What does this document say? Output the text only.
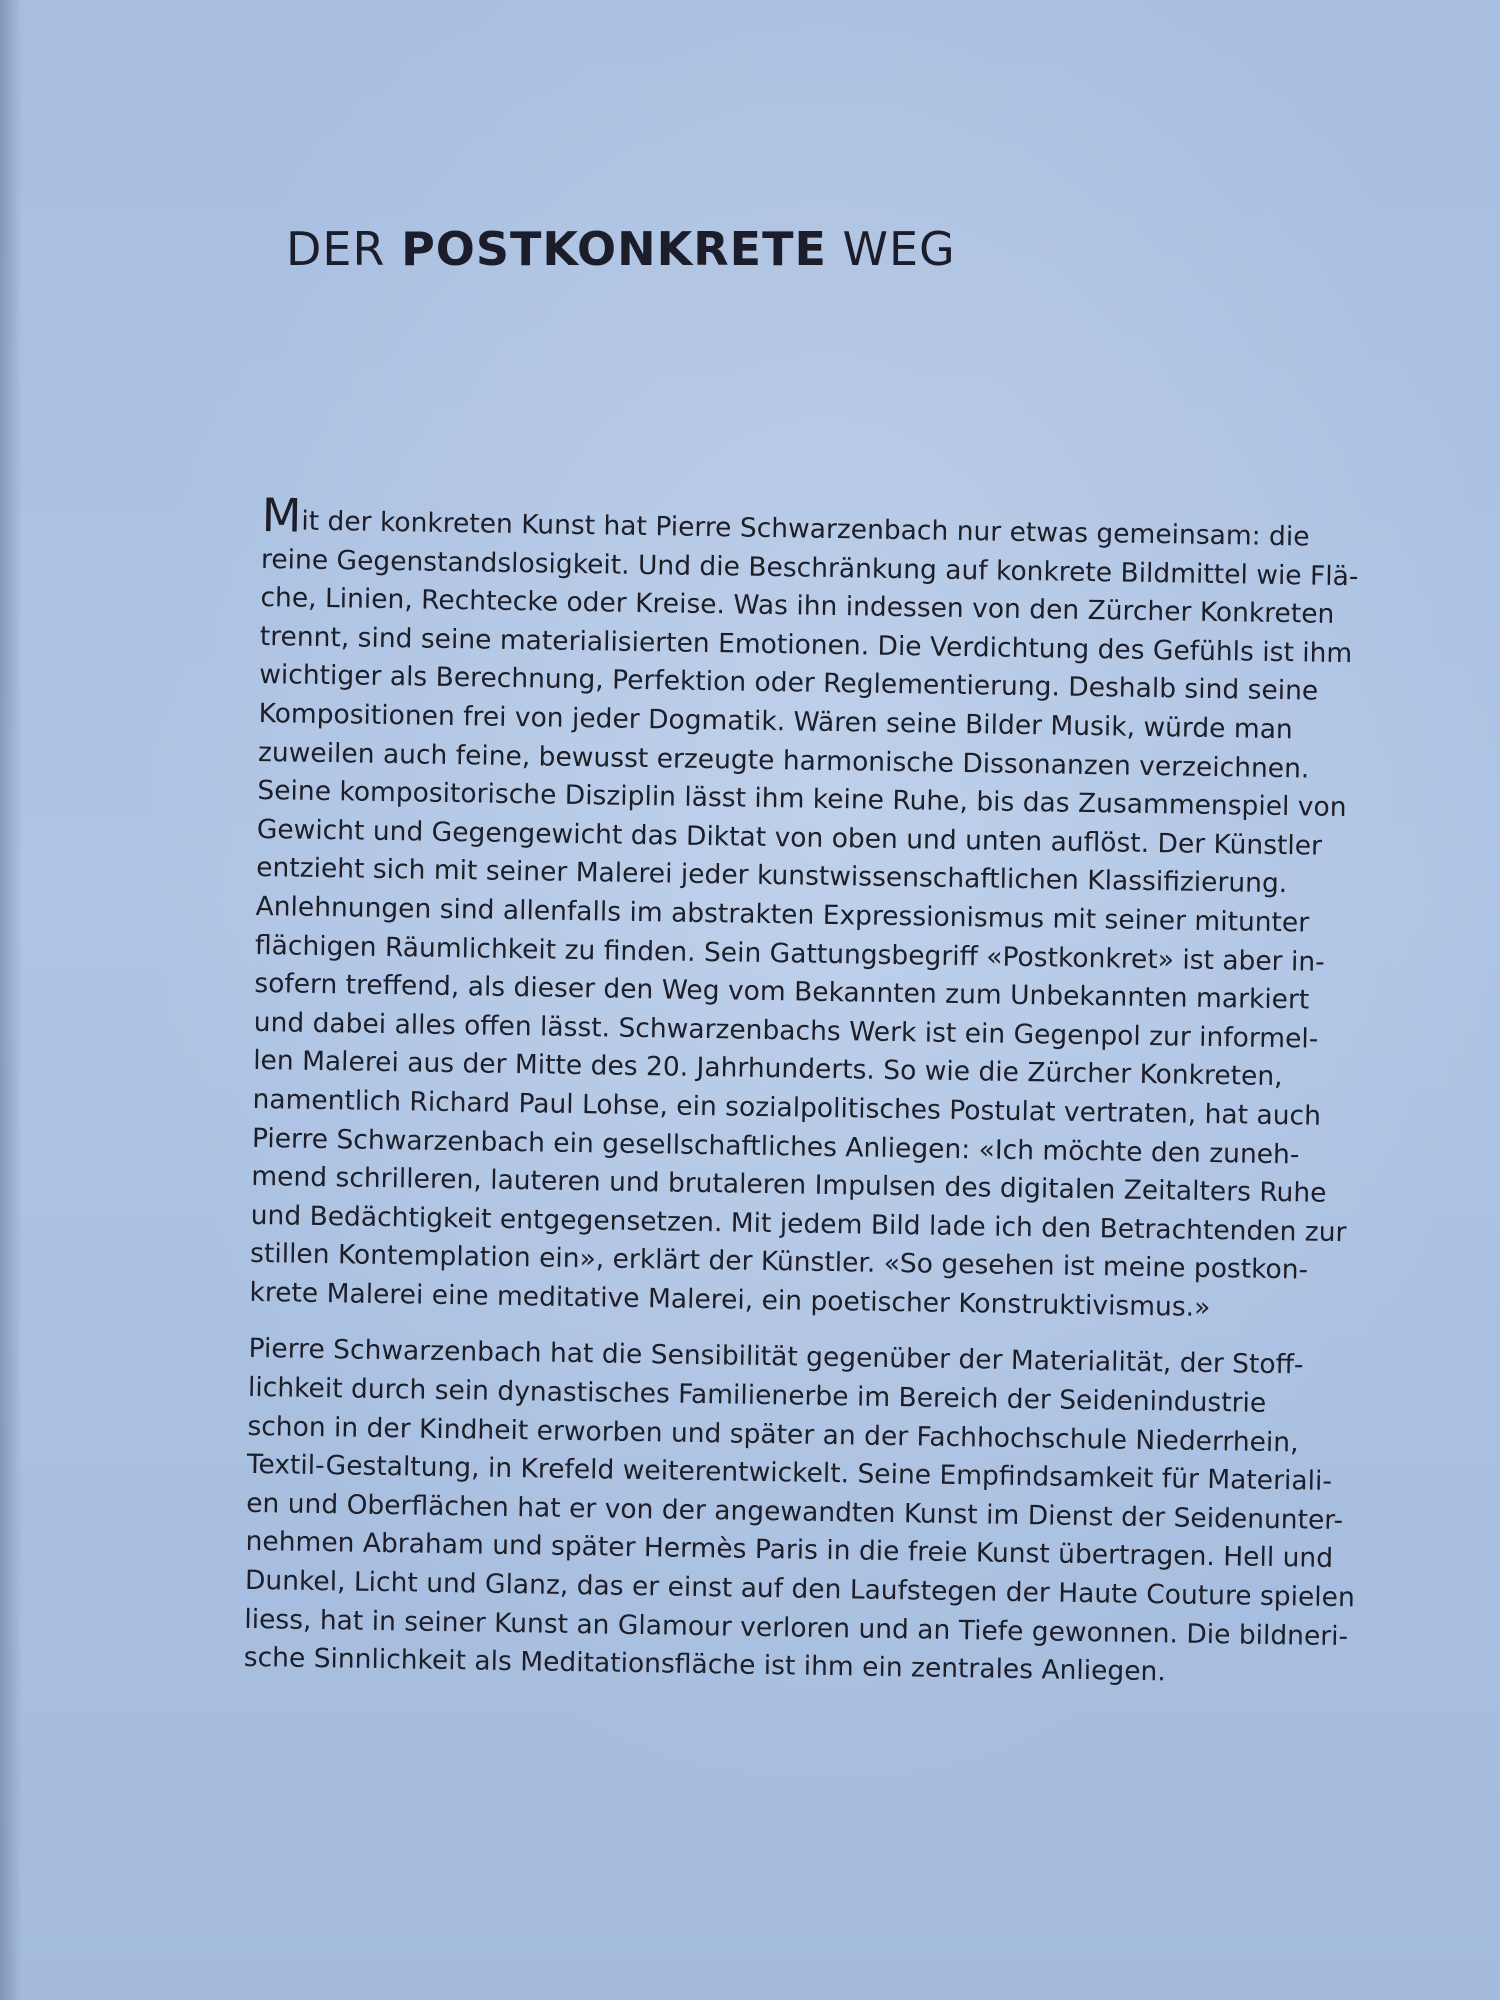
DER POSTKONKRETE WEG

Mit der konkreten Kunst hat Pierre Schwarzenbach nur etwas gemeinsam: die
reine Gegenstandslosigkeit. Und die Beschränkung auf konkrete Bildmittel wie Flä-
che, Linien, Rechtecke oder Kreise. Was ihn indessen von den Zürcher Konkreten
trennt, sind seine materialisierten Emotionen. Die Verdichtung des Gefühls ist ihm
wichtiger als Berechnung, Perfektion oder Reglementierung. Deshalb sind seine
Kompositionen frei von jeder Dogmatik. Wären seine Bilder Musik, würde man
zuweilen auch feine, bewusst erzeugte harmonische Dissonanzen verzeichnen.
Seine kompositorische Disziplin lässt ihm keine Ruhe, bis das Zusammenspiel von
Gewicht und Gegengewicht das Diktat von oben und unten auflöst. Der Künstler
entzieht sich mit seiner Malerei jeder kunstwissenschaftlichen Klassifizierung.
Anlehnungen sind allenfalls im abstrakten Expressionismus mit seiner mitunter
flächigen Räumlichkeit zu finden. Sein Gattungsbegriff «Postkonkret» ist aber in-
sofern treffend, als dieser den Weg vom Bekannten zum Unbekannten markiert
und dabei alles offen lässt. Schwarzenbachs Werk ist ein Gegenpol zur informel-
len Malerei aus der Mitte des 20. Jahrhunderts. So wie die Zürcher Konkreten,
namentlich Richard Paul Lohse, ein sozialpolitisches Postulat vertraten, hat auch
Pierre Schwarzenbach ein gesellschaftliches Anliegen: «Ich möchte den zuneh-
mend schrilleren, lauteren und brutaleren Impulsen des digitalen Zeitalters Ruhe
und Bedächtigkeit entgegensetzen. Mit jedem Bild lade ich den Betrachtenden zur
stillen Kontemplation ein», erklärt der Künstler. «So gesehen ist meine postkon-
krete Malerei eine meditative Malerei, ein poetischer Konstruktivismus.»

Pierre Schwarzenbach hat die Sensibilität gegenüber der Materialität, der Stoff-
lichkeit durch sein dynastisches Familienerbe im Bereich der Seidenindustrie
schon in der Kindheit erworben und später an der Fachhochschule Niederrhein,
Textil-Gestaltung, in Krefeld weiterentwickelt. Seine Empfindsamkeit für Materiali-
en und Oberflächen hat er von der angewandten Kunst im Dienst der Seidenunter-
nehmen Abraham und später Hermès Paris in die freie Kunst übertragen. Hell und
Dunkel, Licht und Glanz, das er einst auf den Laufstegen der Haute Couture spielen
liess, hat in seiner Kunst an Glamour verloren und an Tiefe gewonnen. Die bildneri-
sche Sinnlichkeit als Meditationsfläche ist ihm ein zentrales Anliegen.
